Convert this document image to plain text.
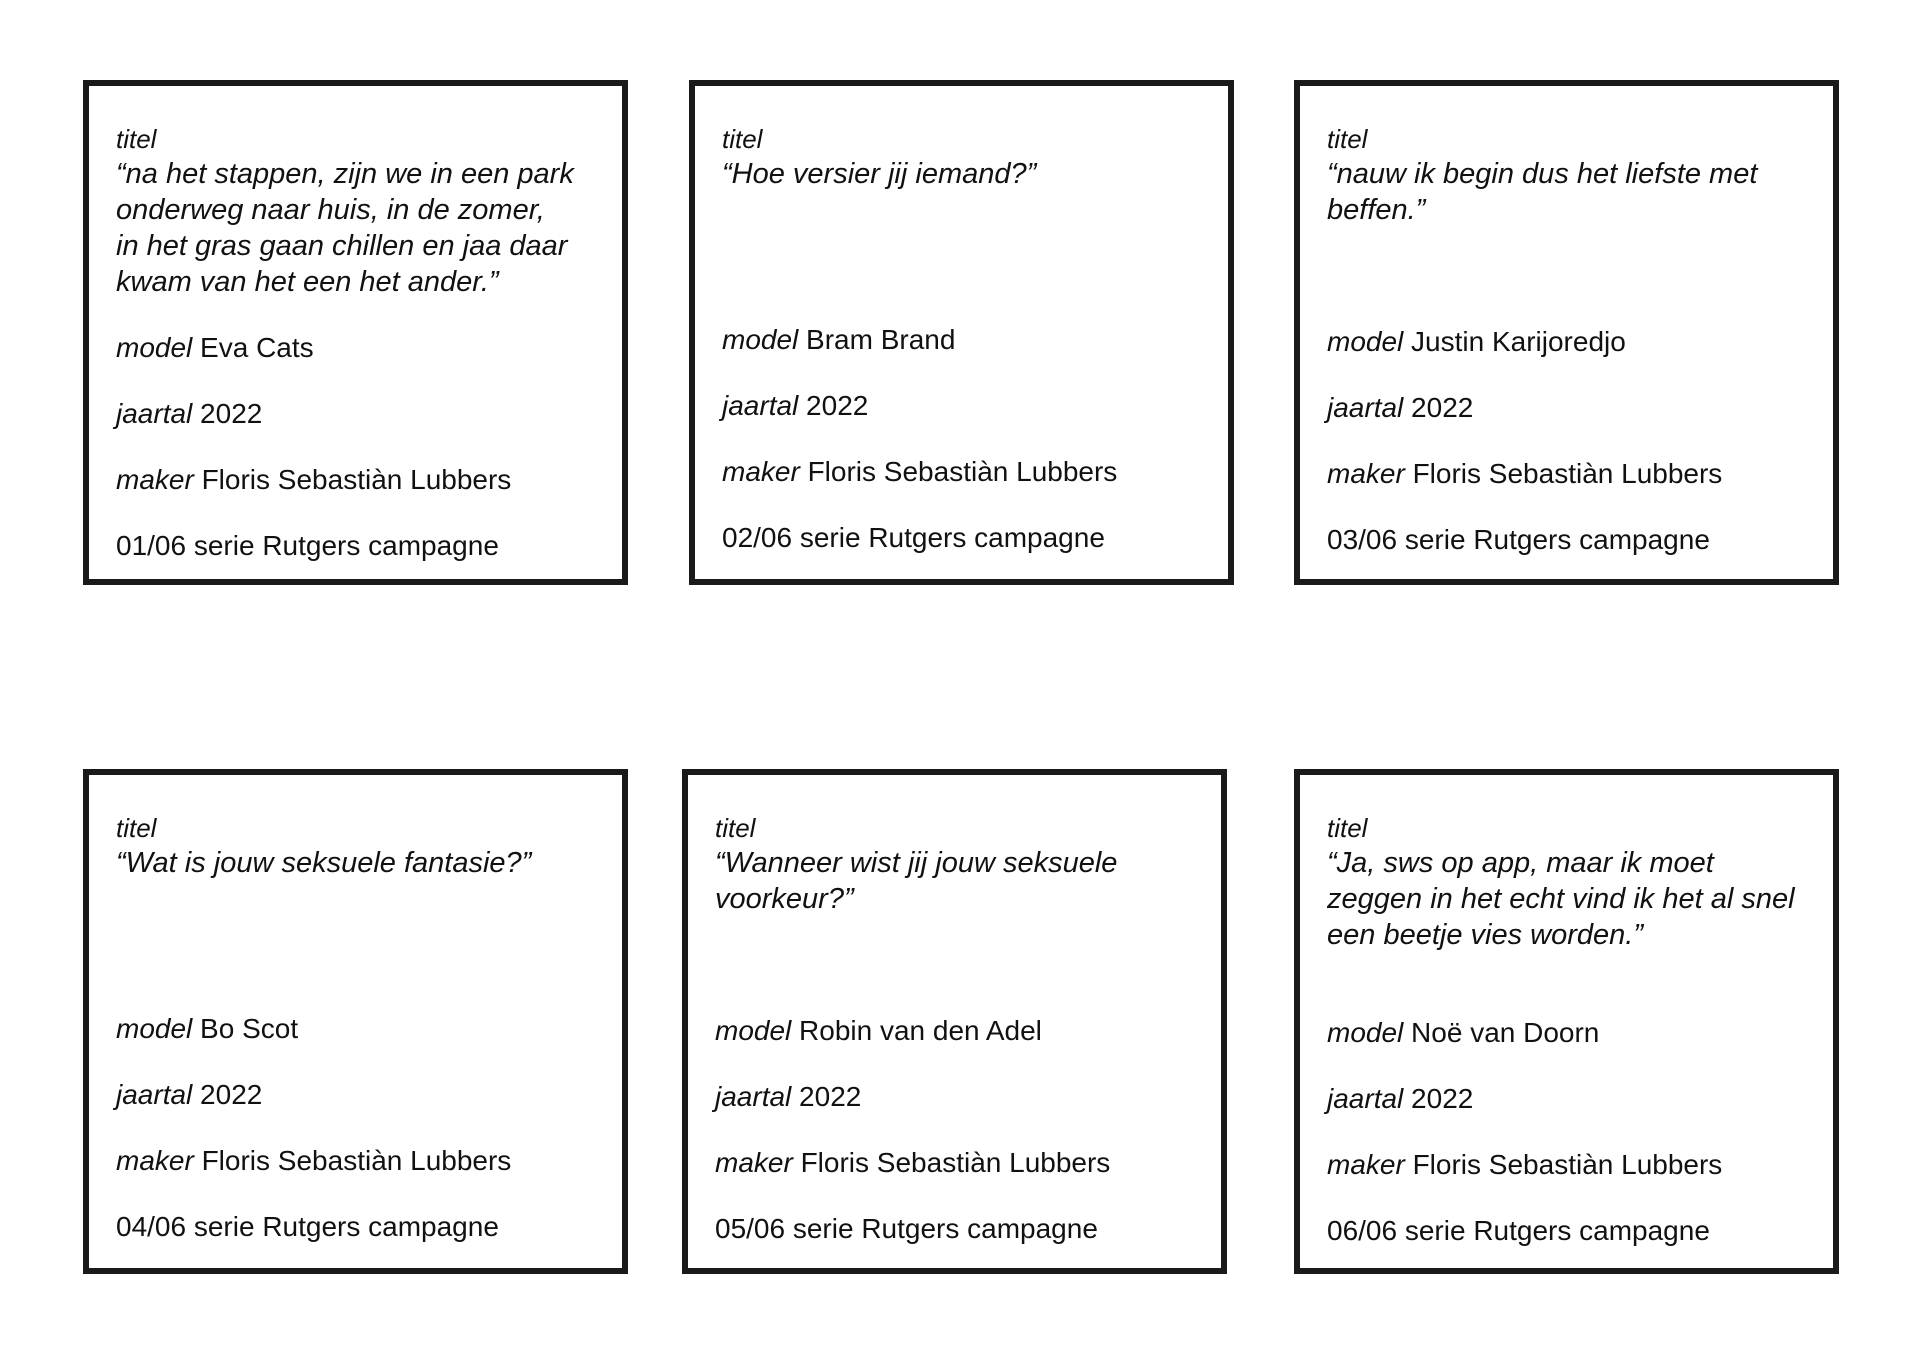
titel
“na het stappen, zijn we in een park
onderweg naar huis, in de zomer,
in het gras gaan chillen en jaa daar
kwam van het een het ander.”
model Eva Cats
jaartal 2022
maker Floris Sebastiàn Lubbers
01/06 serie Rutgers campagne
titel
“Hoe versier jij iemand?”
model Bram Brand
jaartal 2022
maker Floris Sebastiàn Lubbers
02/06 serie Rutgers campagne
titel
“nauw ik begin dus het liefste met
beffen.”
model Justin Karijoredjo
jaartal 2022
maker Floris Sebastiàn Lubbers
03/06 serie Rutgers campagne
titel
“Wat is jouw seksuele fantasie?”
model Bo Scot
jaartal 2022
maker Floris Sebastiàn Lubbers
04/06 serie Rutgers campagne
titel
“Wanneer wist jij jouw seksuele
voorkeur?”
model Robin van den Adel
jaartal 2022
maker Floris Sebastiàn Lubbers
05/06 serie Rutgers campagne
titel
“Ja, sws op app, maar ik moet
zeggen in het echt vind ik het al snel
een beetje vies worden.”
model Noë van Doorn
jaartal 2022
maker Floris Sebastiàn Lubbers
06/06 serie Rutgers campagne
